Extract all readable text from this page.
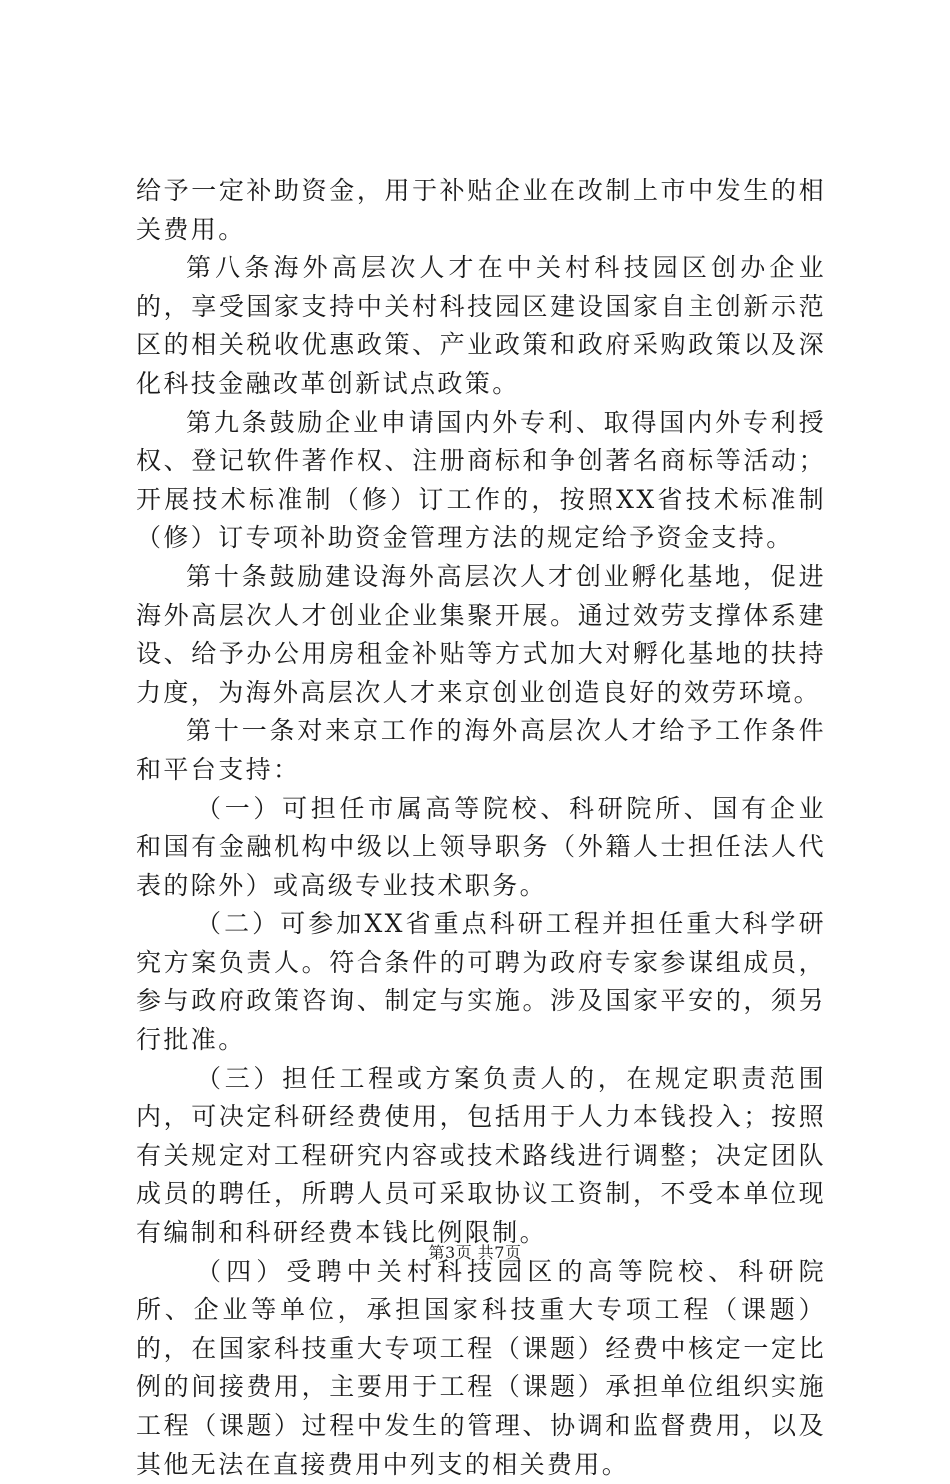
给予一定补助资金，用于补贴企业在改制上市中发生的相关费用。

第八条海外高层次人才在中关村科技园区创办企业的，享受国家支持中关村科技园区建设国家自主创新示范区的相关税收优惠政策、产业政策和政府采购政策以及深化科技金融改革创新试点政策。

第九条鼓励企业申请国内外专利、取得国内外专利授权、登记软件著作权、注册商标和争创著名商标等活动；开展技术标准制（修）订工作的，按照XX省技术标准制（修）订专项补助资金管理方法的规定给予资金支持。

第十条鼓励建设海外高层次人才创业孵化基地，促进海外高层次人才创业企业集聚开展。通过效劳支撑体系建设、给予办公用房租金补贴等方式加大对孵化基地的扶持力度，为海外高层次人才来京创业创造良好的效劳环境。

第十一条对来京工作的海外高层次人才给予工作条件和平台支持：

（一）可担任市属高等院校、科研院所、国有企业和国有金融机构中级以上领导职务（外籍人士担任法人代表的除外）或高级专业技术职务。

（二）可参加XX省重点科研工程并担任重大科学研究方案负责人。符合条件的可聘为政府专家参谋组成员，参与政府政策咨询、制定与实施。涉及国家平安的，须另行批准。

（三）担任工程或方案负责人的，在规定职责范围内，可决定科研经费使用，包括用于人力本钱投入；按照有关规定对工程研究内容或技术路线进行调整；决定团队成员的聘任，所聘人员可采取协议工资制，不受本单位现有编制和科研经费本钱比例限制。

（四）受聘中关村科技园区的高等院校、科研院所、企业等单位，承担国家科技重大专项工程（课题）的，在国家科技重大专项工程（课题）经费中核定一定比例的间接费用，主要用于工程（课题）承担单位组织实施工程（课题）过程中发生的管理、协调和监督费用，以及其他无法在直接费用中列支的相关费用。

第3页 共7页
